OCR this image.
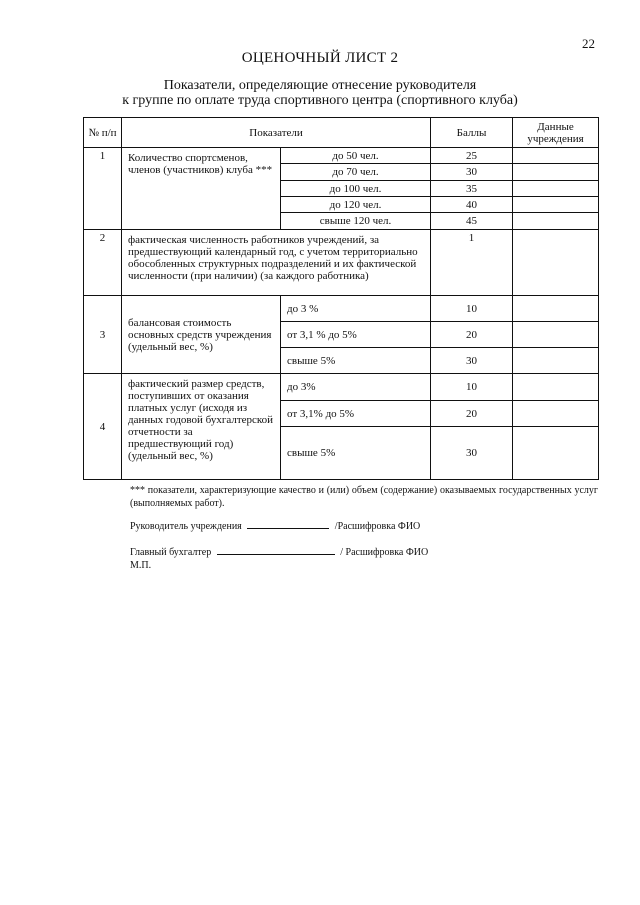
22
ОЦЕНОЧНЫЙ ЛИСТ 2
Показатели, определяющие отнесение руководителя
к группе по оплате труда спортивного центра (спортивного клуба)
№ п/п	Показатели		Баллы	Данные учреждения
1	Количество спортсменов, членов (участников) клуба ***	до 50 чел.	25	
		до 70 чел.	30	
		до 100 чел.	35	
		до 120 чел.	40	
		свыше 120 чел.	45	
2	фактическая численность работников учреждений, за предшествующий календарный год, с учетом территориально обособленных структурных подразделений и их фактической численности (при наличии) (за каждого работника)		1	
3	балансовая стоимость основных средств учреждения (удельный вес, %)	до 3 %	10	
		от 3,1 % до 5%	20	
		свыше 5%	30	
4	фактический размер средств, поступивших от оказания платных услуг (исходя из данных годовой бухгалтерской отчетности за предшествующий год) (удельный вес, %)	до 3%	10	
		от 3,1% до 5%	20	
		свыше 5%	30	
*** показатели, характеризующие качество и (или) объем (содержание) оказываемых государственных услуг (выполняемых работ).
Руководитель учреждения	/Расшифровка ФИО
Главный бухгалтер	/ Расшифровка ФИО
М.П.
